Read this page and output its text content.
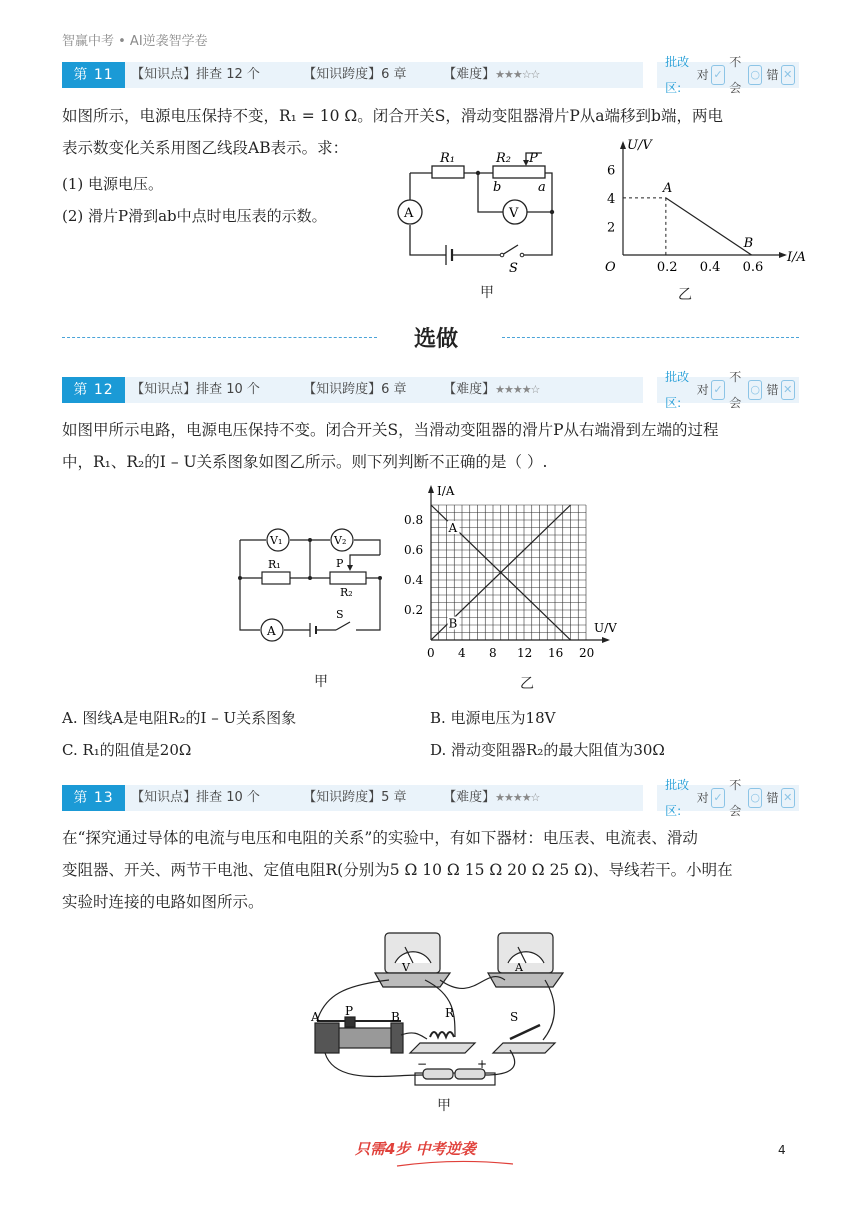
智赢中考 • AI逆袭智学卷
第 11 题
【知识点】排查 12 个	【知识跨度】6 章	【难度】 ★★★☆☆
批改区:

对 ✓
不会
○ 错 ✕
如图所示，电源电压保持不变，R₁ = 10 Ω。闭合开关S，滑动变阻器滑片P从a端移到b端，两电
表示数变化关系用图乙线段AB表示。求：
(1) 电源电压。
(2) 滑片P滑到ab中点时电压表的示数。	A	V
R₁	R₂ P
b	a
S
甲
0.2 0.4 0.6
2
4
6
O
I/A
U/V
A
B
乙
选做
第 12 题
【知识点】排查 10 个	【知识跨度】6 章	【难度】 ★★★★☆
批改区:

对 ✓
不会
○ 错 ✕
如图甲所示电路，电源电压保持不变。闭合开关S，当滑动变阻器的滑片P从右端滑到左端的过程
中，R₁、R₂的I – U关系图象如图乙所示。则下列判断不正确的是（ ）.
V₁	V₂
A
R₁	P
R₂
S
甲
0 4 8 12 16 20
0.2
0.4
0.6
0.8
U/V
I/A
A
B
乙
A. 图线A是电阻R₂的I – U关系图象	B. 电源电压为18V
C. R₁的阻值是20Ω	D. 滑动变阻器R₂的最大阻值为30Ω
第 13 题
【知识点】排查 10 个	【知识跨度】5 章	【难度】 ★★★★☆
批改区:

对 ✓
不会
○ 错 ✕
在“探究通过导体的电流与电压和电阻的关系”的实验中，有如下器材：电压表、电流表、滑动
变阻器、开关、两节干电池、定值电阻R(分别为5 Ω 10 Ω 15 Ω 20 Ω 25 Ω)、导线若干。小明在
实验时连接的电路如图所示。
V	A
A P	B	R	S
−	+
甲
只需4步 中考逆袭	4
